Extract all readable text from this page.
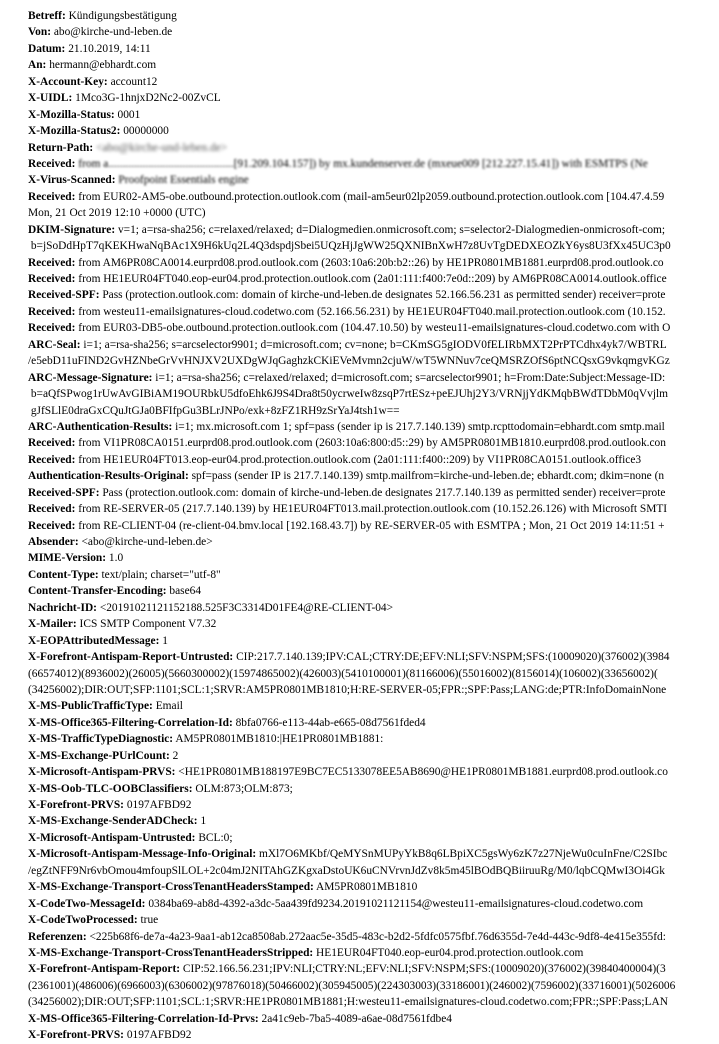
Betreff: Kündigungsbestätigung
Von: abo@kirche-und-leben.de
Datum: 21.10.2019, 14:11
An: hermann@ebhardt.com
X-Account-Key: account12
X-UIDL: 1Mco3G-1hnjxD2Nc2-00ZvCL
X-Mozilla-Status: 0001
X-Mozilla-Status2: 00000000
Return-Path: <abo@kirche-und-leben.de>
Received: from a............................................[91.209.104.157]) by mx.kundenserver.de (mxeue009 [212.227.15.41]) with ESMTPS (Ne
X-Virus-Scanned: Proofpoint Essentials engine
Received: from EUR02-AM5-obe.outbound.protection.outlook.com (mail-am5eur02lp2059.outbound.protection.outlook.com [104.47.4.59
Mon, 21 Oct 2019 12:10 +0000 (UTC)
DKIM-Signature: v=1; a=rsa-sha256; c=relaxed/relaxed; d=Dialogmedien.onmicrosoft.com; s=selector2-Dialogmedien-onmicrosoft-com;
b=jSoDdHpT7qKEKHwaNqBAc1X9H6kUq2L4Q3dspdjSbei5UQzHjJgWW25QXNIBnXwH7z8UvTgDEDXEOZkY6ys8U3fXx45UC3p0
Received: from AM6PR08CA0014.eurprd08.prod.outlook.com (2603:10a6:20b:b2::26) by HE1PR0801MB1881.eurprd08.prod.outlook.co
Received: from HE1EUR04FT040.eop-eur04.prod.protection.outlook.com (2a01:111:f400:7e0d::209) by AM6PR08CA0014.outlook.office
Received-SPF: Pass (protection.outlook.com: domain of kirche-und-leben.de designates 52.166.56.231 as permitted sender) receiver=prote
Received: from westeu11-emailsignatures-cloud.codetwo.com (52.166.56.231) by HE1EUR04FT040.mail.protection.outlook.com (10.152.
Received: from EUR03-DB5-obe.outbound.protection.outlook.com (104.47.10.50) by westeu11-emailsignatures-cloud.codetwo.com with O
ARC-Seal: i=1; a=rsa-sha256; s=arcselector9901; d=microsoft.com; cv=none; b=CKmSG5gIODV0fELIRbMXT2PrPTCdhx4yk7/WBTRL
/e5ebD11uFIND2GvHZNbeGrVvHNJXV2UXDgWJqGaghzkCKiEVeMvmn2cjuW/wT5WNNuv7ceQMSRZOfS6ptNCQsxG9vkqmgvKGz
ARC-Message-Signature: i=1; a=rsa-sha256; c=relaxed/relaxed; d=microsoft.com; s=arcselector9901; h=From:Date:Subject:Message-ID:
b=aQfSPwog1rUwAvGIBiAM19OURbkU5dfoEhk6J9S4Dra8t50ycrweIw8zsqP7rtESz+peEJUhj2Y3/VRNjjYdKMqbBWdTDbM0qVvjlm
gJfSLlE0draGxCQuJtGJa0BFIfpGu3BLrJNPo/exk+8zFZ1RH9zSrYaJ4tsh1w==
ARC-Authentication-Results: i=1; mx.microsoft.com 1; spf=pass (sender ip is 217.7.140.139) smtp.rcpttodomain=ebhardt.com smtp.mail
Received: from VI1PR08CA0151.eurprd08.prod.outlook.com (2603:10a6:800:d5::29) by AM5PR0801MB1810.eurprd08.prod.outlook.con
Received: from HE1EUR04FT013.eop-eur04.prod.protection.outlook.com (2a01:111:f400::209) by VI1PR08CA0151.outlook.office3
Authentication-Results-Original: spf=pass (sender IP is 217.7.140.139) smtp.mailfrom=kirche-und-leben.de; ebhardt.com; dkim=none (n
Received-SPF: Pass (protection.outlook.com: domain of kirche-und-leben.de designates 217.7.140.139 as permitted sender) receiver=prote
Received: from RE-SERVER-05 (217.7.140.139) by HE1EUR04FT013.mail.protection.outlook.com (10.152.26.126) with Microsoft SMTI
Received: from RE-CLIENT-04 (re-client-04.bmv.local [192.168.43.7]) by RE-SERVER-05 with ESMTPA ; Mon, 21 Oct 2019 14:11:51 +
Absender: <abo@kirche-und-leben.de>
MIME-Version: 1.0
Content-Type: text/plain; charset="utf-8"
Content-Transfer-Encoding: base64
Nachricht-ID: <20191021121152188.525F3C3314D01FE4@RE-CLIENT-04>
X-Mailer: ICS SMTP Component V7.32
X-EOPAttributedMessage: 1
X-Forefront-Antispam-Report-Untrusted: CIP:217.7.140.139;IPV:CAL;CTRY:DE;EFV:NLI;SFV:NSPM;SFS:(10009020)(376002)(3984
(66574012)(8936002)(26005)(5660300002)(15974865002)(426003)(5410100001)(81166006)(55016002)(8156014)(106002)(33656002)(
(34256002);DIR:OUT;SFP:1101;SCL:1;SRVR:AM5PR0801MB1810;H:RE-SERVER-05;FPR:;SPF:Pass;LANG:de;PTR:InfoDomainNone
X-MS-PublicTrafficType: Email
X-MS-Office365-Filtering-Correlation-Id: 8bfa0766-e113-44ab-e665-08d7561fded4
X-MS-TrafficTypeDiagnostic: AM5PR0801MB1810:|HE1PR0801MB1881:
X-MS-Exchange-PUrlCount: 2
X-Microsoft-Antispam-PRVS: <HE1PR0801MB188197E9BC7EC5133078EE5AB8690@HE1PR0801MB1881.eurprd08.prod.outlook.co
X-MS-Oob-TLC-OOBClassifiers: OLM:873;OLM:873;
X-Forefront-PRVS: 0197AFBD92
X-MS-Exchange-SenderADCheck: 1
X-Microsoft-Antispam-Untrusted: BCL:0;
X-Microsoft-Antispam-Message-Info-Original: mXl7O6MKbf/QeMYSnMUPyYkB8q6LBpiXC5gsWy6zK7z27NjeWu0cuInFne/C2SIbc
/egZtNFF9Nr6vbOmou4mfoupSlLOL+2c04mJ2NITAhGZKgxaDstoUK6uCNVrvnJdZv8k5m45lBOdBQBiiruuRg/M0/lqbCQMwI3Oi4Gk
X-MS-Exchange-Transport-CrossTenantHeadersStamped: AM5PR0801MB1810
X-CodeTwo-MessageId: 0384ba69-ab8d-4392-a3dc-5aa439fd9234.20191021121154@westeu11-emailsignatures-cloud.codetwo.com
X-CodeTwoProcessed: true
Referenzen: <225b68f6-de7a-4a23-9aa1-ab12ca8508ab.272aac5e-35d5-483c-b2d2-5fdfc0575fbf.76d6355d-7e4d-443c-9df8-4e415e355fd:
X-MS-Exchange-Transport-CrossTenantHeadersStripped: HE1EUR04FT040.eop-eur04.prod.protection.outlook.com
X-Forefront-Antispam-Report: CIP:52.166.56.231;IPV:NLI;CTRY:NL;EFV:NLI;SFV:NSPM;SFS:(10009020)(376002)(39840400004)(3
(2361001)(486006)(6966003)(6306002)(97876018)(50466002)(305945005)(224303003)(33186001)(246002)(7596002)(33716001)(5026006
(34256002);DIR:OUT;SFP:1101;SCL:1;SRVR:HE1PR0801MB1881;H:westeu11-emailsignatures-cloud.codetwo.com;FPR:;SPF:Pass;LAN
X-MS-Office365-Filtering-Correlation-Id-Prvs: 2a41c9eb-7ba5-4089-a6ae-08d7561fdbe4
X-Forefront-PRVS: 0197AFBD92
